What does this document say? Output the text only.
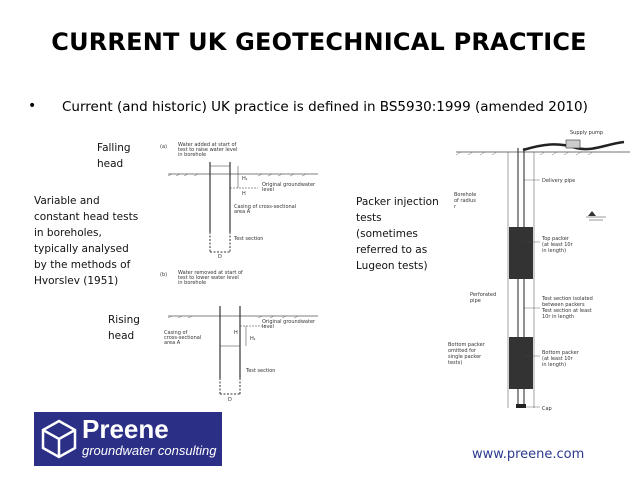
CURRENT UK GEOTECHNICAL PRACTICE
• Current (and historic) UK practice is defined in BS5930:1999 (amended 2010)
Falling
head
Variable and
constant head tests
in boreholes,
typically analysed
by the methods of
Hvorslev (1951)
Rising
head
Packer injection
tests (sometimes
referred to as
Lugeon tests)
(a) Water added at start of
test to raise water level
in borehole
H₁
H
D
Original groundwater
level
Casing of cross-sectional
area A
Test section
(b) Water removed at start of
test to lower water level
in borehole
H
H₁
D
Casing of
cross-sectional
area A
Original groundwater
level
Test section
Supply pump
Borehole
of radius
r
Perforated
pipe
Bottom packer
omitted for
single packer
tests)
Delivery pipe
Top packer
(at least 10r
in length)
Test section isolated
between packers
Test section at least
10r in length
Bottom packer
(at least 10r
in length)
Cap
Preene
groundwater consulting	www.preene.com
